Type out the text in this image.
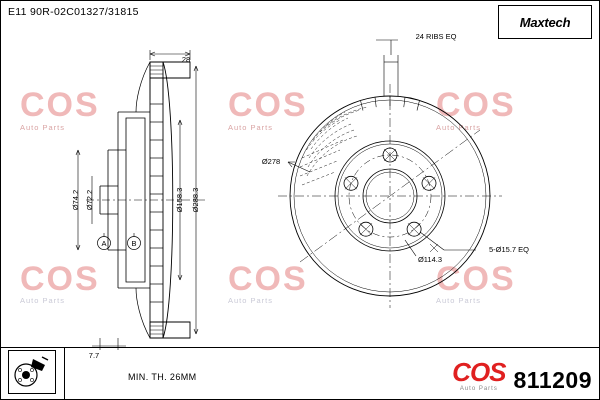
COS
Auto Parts
COS
Auto Parts
COS
Auto Parts
COS
Auto Parts
COS
Auto Parts
COS
Auto Parts
E11 90R-02C01327/31815
Maxtech
28
7.7
Ø74.2 Ø72.2	Ø158.3 Ø288.3
A	B
24 RIBS EQ
Ø278
5-Ø15.7 EQ
Ø114.3
MIN. TH. 26MM	COS
Auto Parts 811209
